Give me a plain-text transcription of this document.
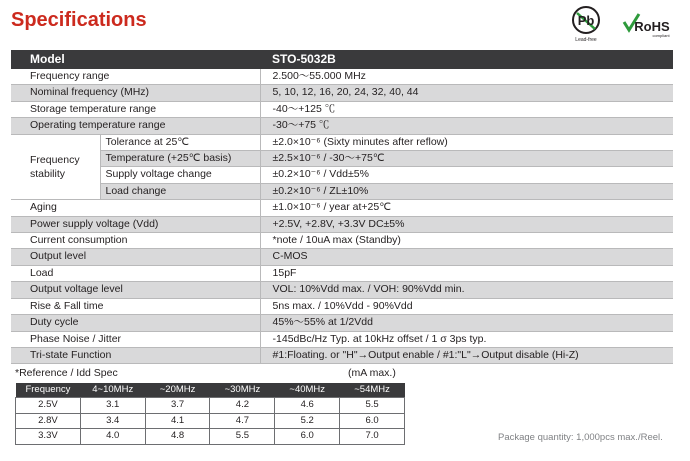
Specifications	Pb
Lead-free
RoHS
compliant
Model		STO-5032B
Frequency range		2.500～55.000 MHz
Nominal frequency (MHz)		5, 10, 12, 16, 20, 24, 32, 40, 44
Storage temperature range		-40～+125 ℃
Operating temperature range		-30～+75 ℃
Frequency stability	Tolerance at 25℃	±2.0×10⁻⁶ (Sixty minutes after reflow)
	Temperature (+25℃ basis)	±2.5×10⁻⁶ / -30～+75℃
	Supply voltage change	±0.2×10⁻⁶ / Vdd±5%
	Load change	±0.2×10⁻⁶ / ZL±10%
Aging		±1.0×10⁻⁶ / year at+25℃
Power supply voltage (Vdd)		+2.5V, +2.8V, +3.3V DC±5%
Current consumption		*note / 10uA max (Standby)
Output level		C-MOS
Load		15pF
Output voltage level		VOL: 10%Vdd max. / VOH: 90%Vdd min.
Rise & Fall time		5ns max. / 10%Vdd - 90%Vdd
Duty cycle		45%～55% at 1/2Vdd
Phase Noise / Jitter		-145dBc/Hz Typ. at 10kHz offset / 1 σ 3ps typ.
Tri-state Function		#1:Floating. or "H"→Output enable / #1:"L"→Output disable (Hi-Z)
*Reference / Idd Spec	(mA max.)
Frequency	4~10MHz	~20MHz	~30MHz	~40MHz	~54MHz
2.5V	3.1	3.7	4.2	4.6	5.5
2.8V	3.4	4.1	4.7	5.2	6.0
3.3V	4.0	4.8	5.5	6.0	7.0	Package quantity: 1,000pcs max./Reel.
